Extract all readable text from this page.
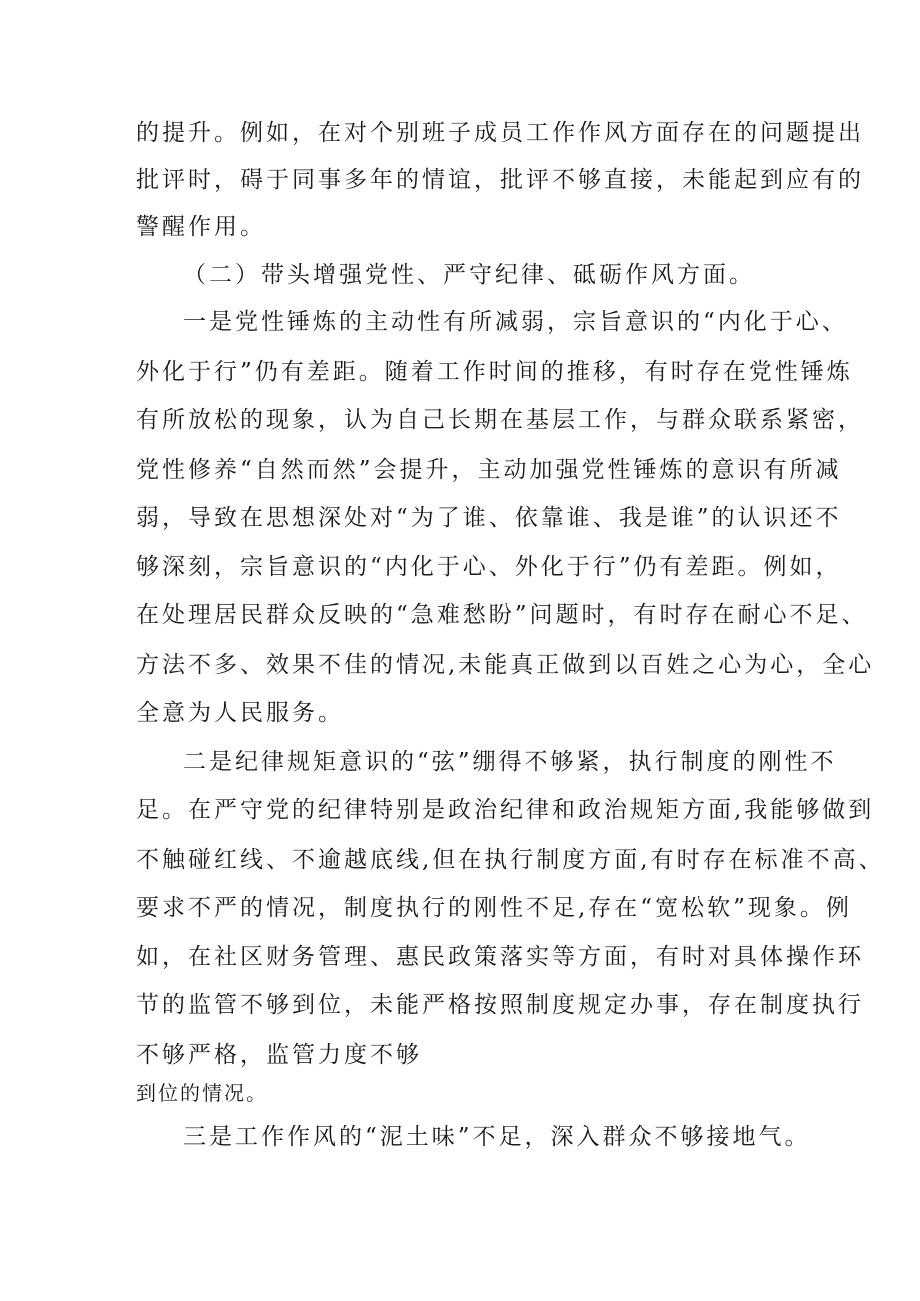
的提升。例如，在对个别班子成员工作作风方面存在的问题提出

批评时，碍于同事多年的情谊，批评不够直接，未能起到应有的

警醒作用。

（二）带头增强党性、严守纪律、砥砺作风方面。

一是党性锤炼的主动性有所减弱，宗旨意识的“内化于心、

外化于行”仍有差距。随着工作时间的推移，有时存在党性锤炼

有所放松的现象，认为自己长期在基层工作，与群众联系紧密，

党性修养“自然而然”会提升，主动加强党性锤炼的意识有所减

弱，导致在思想深处对“为了谁、依靠谁、我是谁”的认识还不

够深刻，宗旨意识的“内化于心、外化于行”仍有差距。例如，

在处理居民群众反映的“急难愁盼”问题时，有时存在耐心不足、

方法不多、效果不佳的情况,未能真正做到以百姓之心为心，全心

全意为人民服务。

二是纪律规矩意识的“弦”绷得不够紧，执行制度的刚性不

足。在严守党的纪律特别是政治纪律和政治规矩方面,我能够做到

不触碰红线、不逾越底线,但在执行制度方面,有时存在标准不高、

要求不严的情况，制度执行的刚性不足,存在“宽松软”现象。例

如，在社区财务管理、惠民政策落实等方面，有时对具体操作环

节的监管不够到位，未能严格按照制度规定办事，存在制度执行

不够严格，监管力度不够

到位的情况。

三是工作作风的“泥土味”不足，深入群众不够接地气。
